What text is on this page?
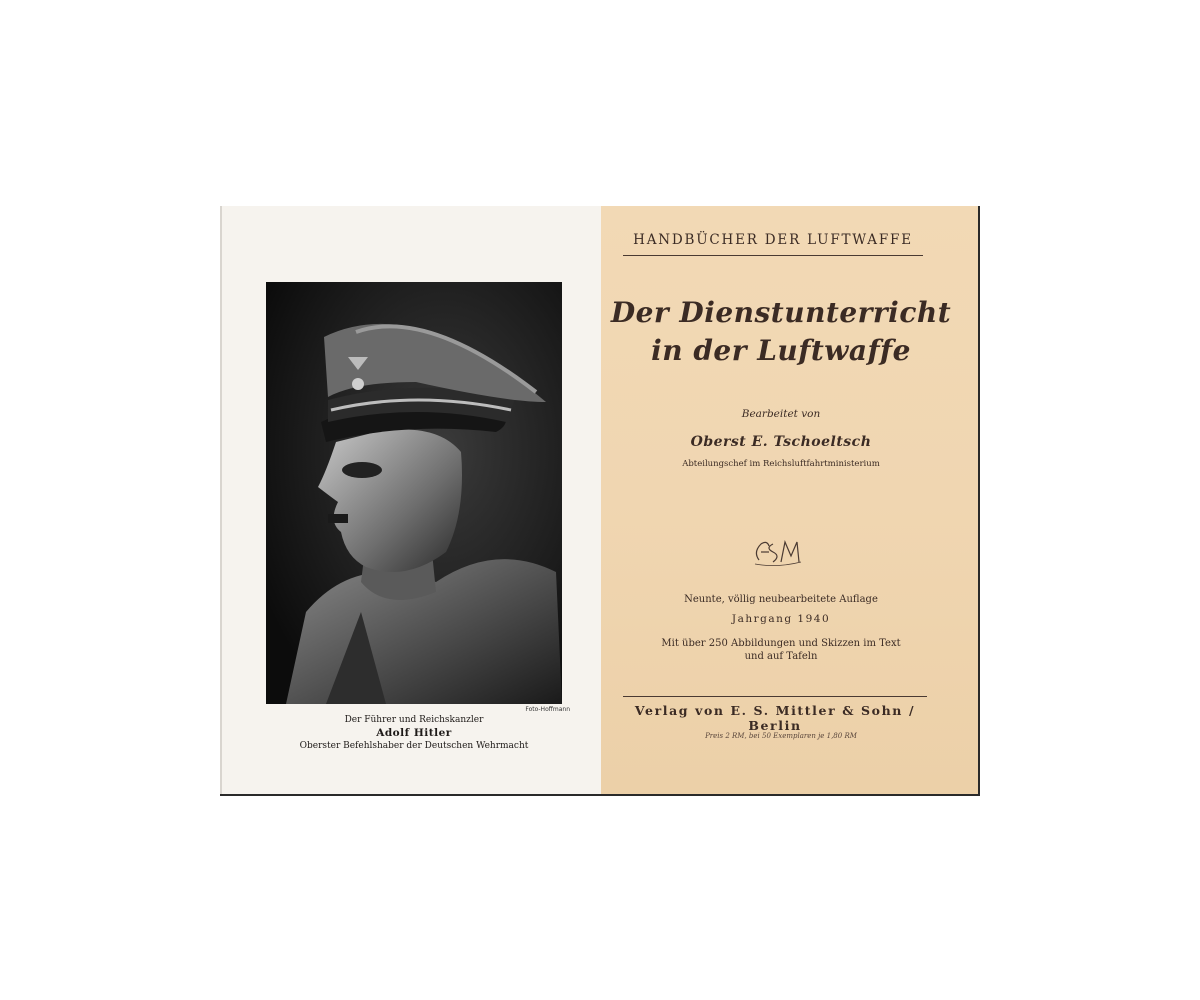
Foto-Hoffmann
Der Führer und Reichskanzler
Adolf Hitler
Oberster Befehlshaber der Deutschen Wehrmacht
HANDBÜCHER DER LUFTWAFFE
Der Dienstunterricht
in der Luftwaffe
Bearbeitet von
Oberst E. Tschoeltsch
Abteilungschef im Reichsluftfahrtministerium
Neunte, völlig neubearbeitete Auflage
Jahrgang 1940
Mit über 250 Abbildungen und Skizzen im Text
und auf Tafeln
Verlag von E. S. Mittler & Sohn / Berlin
Preis 2 RM, bei 50 Exemplaren je 1,80 RM
